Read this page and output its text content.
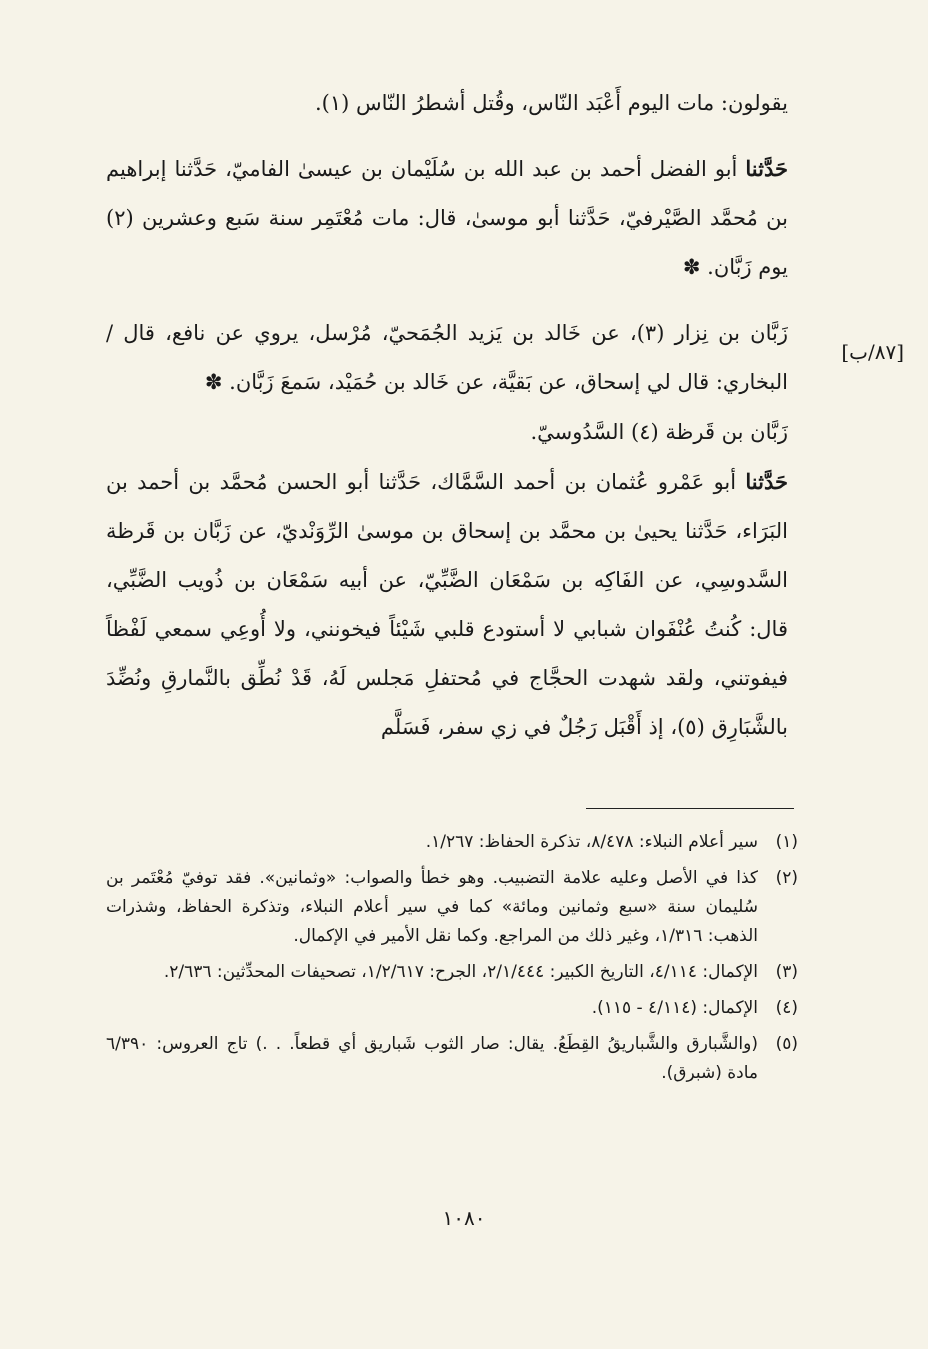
يقولون: مات اليوم أَعْبَد النّاس، وقُتل أشطرُ النّاس (١).

حَدَّثنا أبو الفضل أحمد بن عبد الله بن سُلَيْمان بن عيسىٰ الفاميّ، حَدَّثنا إبراهيم بن مُحمَّد الصَّيْرفيّ، حَدَّثنا أبو موسىٰ، قال: مات مُعْتَمِر سنة سَبع وعشرين (٢) يوم زَبَّان. ✽

زَبَّان بن نِزار (٣)، عن خَالد بن يَزيد الجُمَحيّ، مُرْسل، يروي عن نافع، قال / البخاري: قال لي إسحاق، عن بَقيَّة، عن خَالد بن حُمَيْد، سَمعَ زَبَّان. ✽

زَبَّان بن قَرظة (٤) السَّدُوسيّ.

حَدَّثنا أبو عَمْرو عُثمان بن أحمد السَّمَّاك، حَدَّثنا أبو الحسن مُحمَّد بن أحمد بن البَرَاء، حَدَّثنا يحيىٰ بن محمَّد بن إسحاق بن موسىٰ الرِّوَنْديّ، عن زَبَّان بن قَرظة السَّدوسِي، عن الفَاكِه بن سَمْعَان الضَّبِّيّ، عن أبيه سَمْعَان بن ذُويب الضَّبِّي، قال: كُنتُ عُنْفَوان شبابي لا أستودع قلبي شَيْئاً فيخونني، ولا أُوعِي سمعي لَفْظاً فيفوتني، ولقد شهدت الحجَّاج في مُحتفلِ مَجلس لَهُ، قَدْ نُطِّق بالنَّمارقِ ونُضِّدَ بالشَّبَارِق (٥)، إذ أَقْبَل رَجُلٌ في زي سفر، فَسَلَّم

[٨٧/ب]
(١)
سير أعلام النبلاء: ٨/٤٧٨، تذكرة الحفاظ: ١/٢٦٧.
(٢)
كذا في الأصل وعليه علامة التضبيب. وهو خطأ والصواب: «وثمانين». فقد توفيّ مُعْتَمر بن سُليمان سنة «سبع وثمانين ومائة» كما في سير أعلام النبلاء، وتذكرة الحفاظ، وشذرات الذهب: ١/٣١٦، وغير ذلك من المراجع. وكما نقل الأمير في الإكمال.
(٣)
الإكمال: ٤/١١٤، التاريخ الكبير: ٢/١/٤٤٤، الجرح: ١/٢/٦١٧، تصحيفات المحدِّثين: ٢/٦٣٦.
(٤)
الإكمال: (٤/١١٤ - ١١٥).
(٥)
(والشَّبارق والشَّباريقُ القِطَعُ. يقال: صار الثوب شَباريق أي قطعاً. . .) تاج العروس: ٦/٣٩٠ مادة (شبرق).
١٠٨٠
